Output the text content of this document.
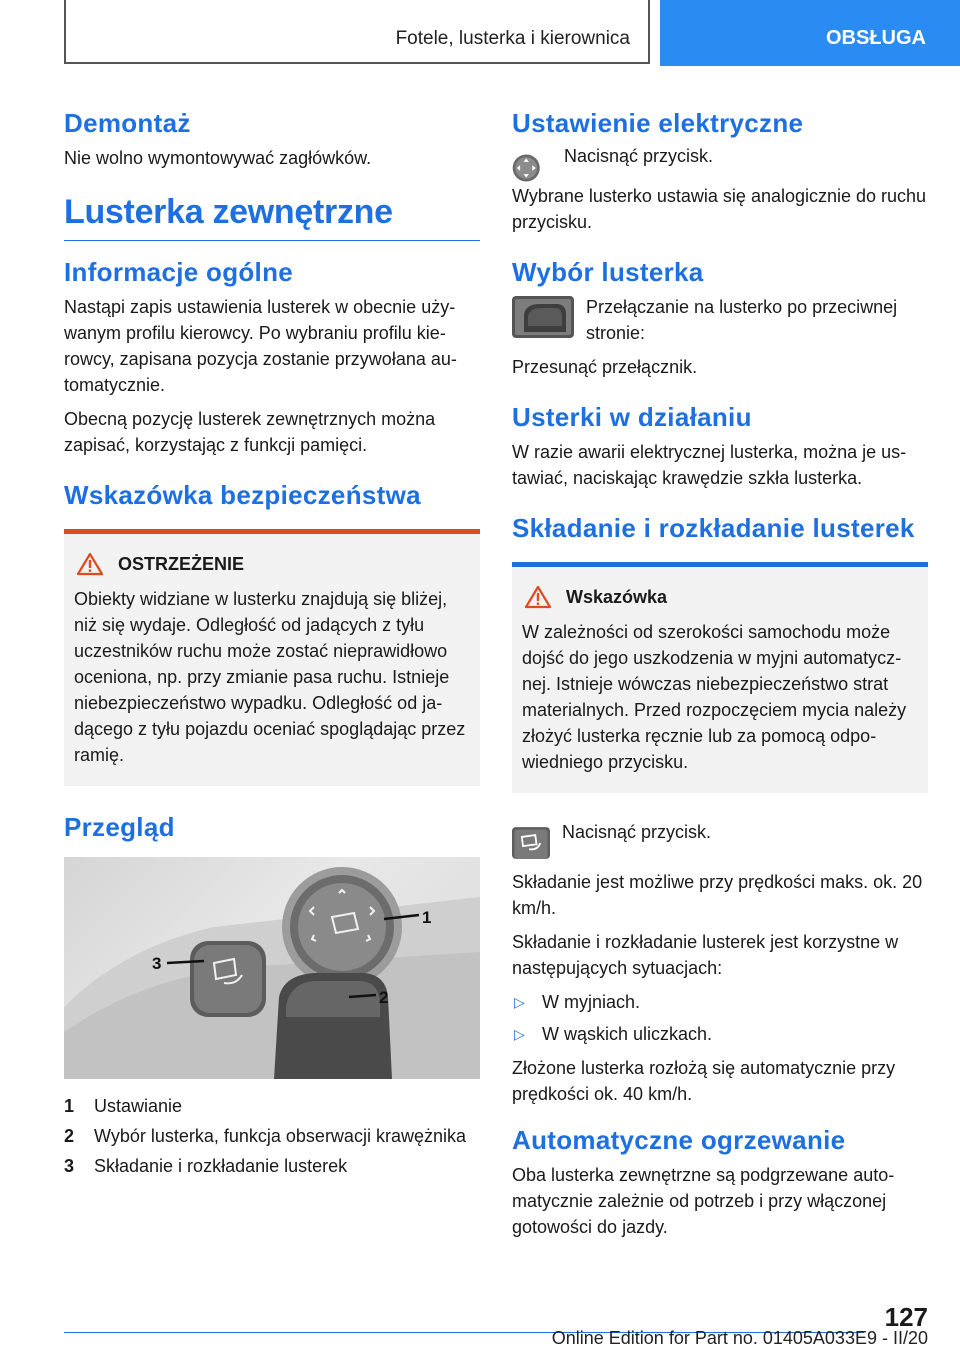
Fotele, lusterka i kierownica	OBSŁUGA
Demontaż

Nie wolno wymontowywać zagłówków.

Lusterka zewnętrzne
Informacje ogólne

Nastąpi zapis ustawienia lusterek w obecnie używanym profilu kierowcy. Po wybraniu profilu kierowcy, zapisana pozycja zostanie przywołana automatycznie.

Obecną pozycję lusterek zewnętrznych można zapisać, korzystając z funkcji pamięci.

Wskazówka bezpieczeństwa
OSTRZEŻENIE

Obiekty widziane w lusterku znajdują się bliżej, niż się wydaje. Odległość od jadących z tyłu uczestników ruchu może zostać nieprawidłowo oceniona, np. przy zmianie pasa ruchu. Istnieje niebezpieczeństwo wypadku. Odległość od jadącego z tyłu pojazdu oceniać spoglądając przez ramię.

Przegląd
1
2
3
1	Ustawianie
2	Wybór lusterka, funkcja obserwacji krawężnika
3	Składanie i rozkładanie lusterek
Ustawienie elektryczne

Nacisnąć przycisk.

Wybrane lusterko ustawia się analogicznie do ruchu przycisku.

Wybór lusterka

Przełączanie na lusterko po przeciwnej stronie:

Przesunąć przełącznik.

Usterki w działaniu

W razie awarii elektrycznej lusterka, można je ustawiać, naciskając krawędzie szkła lusterka.

Składanie i rozkładanie lusterek
Wskazówka

W zależności od szerokości samochodu może dojść do jego uszkodzenia w myjni automatycznej. Istnieje wówczas niebezpieczeństwo strat materialnych. Przed rozpoczęciem mycia należy złożyć lusterka ręcznie lub za pomocą odpowiedniego przycisku.

Nacisnąć przycisk.

Składanie jest możliwe przy prędkości maks. ok. 20 km/h.

Składanie i rozkładanie lusterek jest korzystne w następujących sytuacjach:

▷ W myjniach.
▷ W wąskich uliczkach.

Złożone lusterka rozłożą się automatycznie przy prędkości ok. 40 km/h.

Automatyczne ogrzewanie

Oba lusterka zewnętrzne są podgrzewane automatycznie zależnie od potrzeb i przy włączonej gotowości do jazdy.

127
Online Edition for Part no. 01405A033E9 - II/20
